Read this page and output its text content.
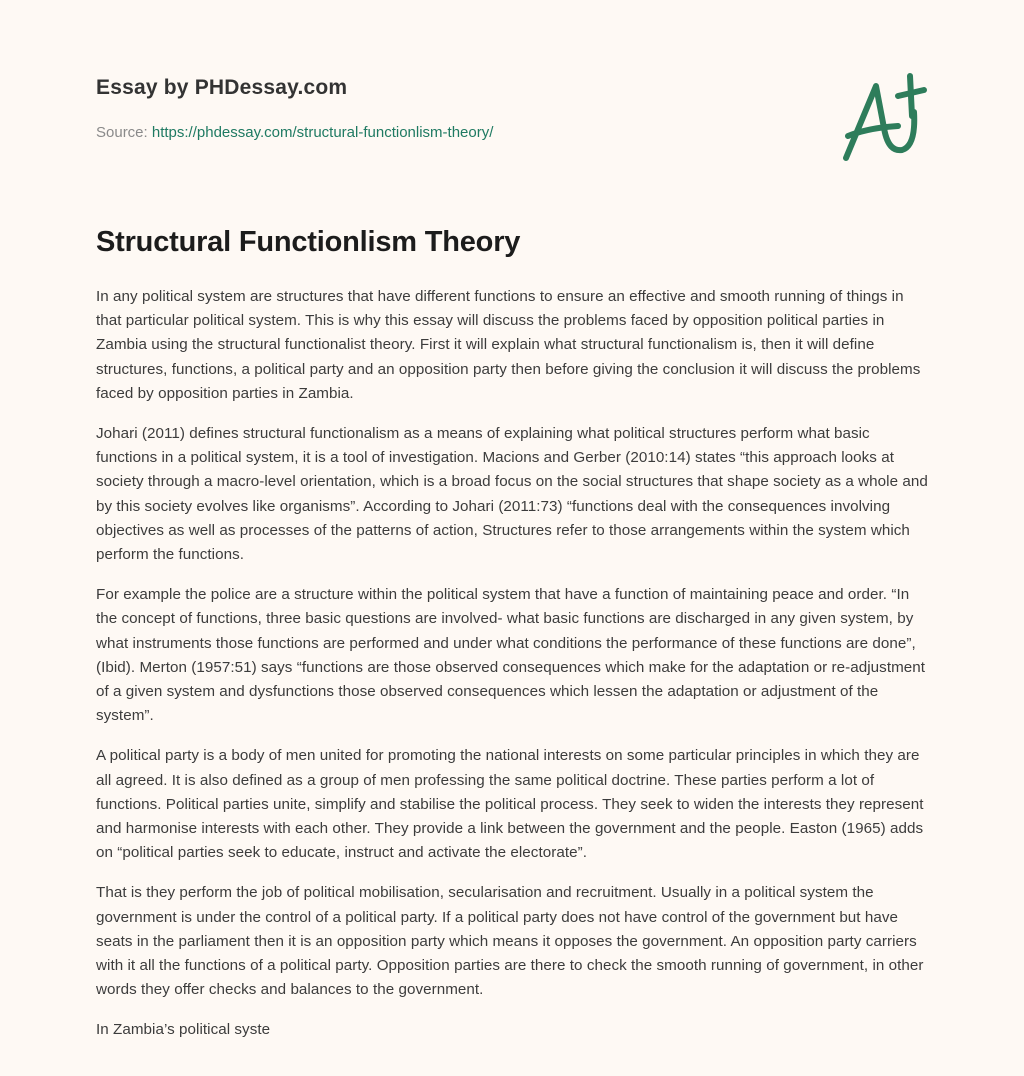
Essay by PHDessay.com
Source: https://phdessay.com/structural-functionlism-theory/
Structural Functionlism Theory

In any political system are structures that have different functions to ensure an effective and smooth running of things in that particular political system. This is why this essay will discuss the problems faced by opposition political parties in Zambia using the structural functionalist theory. First it will explain what structural functionalism is, then it will define structures, functions, a political party and an opposition party then before giving the conclusion it will discuss the problems faced by opposition parties in Zambia.

Johari (2011) defines structural functionalism as a means of explaining what political structures perform what basic functions in a political system, it is a tool of investigation. Macions and Gerber (2010:14) states “this approach looks at society through a macro-level orientation, which is a broad focus on the social structures that shape society as a whole and by this society evolves like organisms”. According to Johari (2011:73) “functions deal with the consequences involving objectives as well as processes of the patterns of action, Structures refer to those arrangements within the system which perform the functions.

For example the police are a structure within the political system that have a function of maintaining peace and order. “In the concept of functions, three basic questions are involved- what basic functions are discharged in any given system, by what instruments those functions are performed and under what conditions the performance of these functions are done”,(Ibid). Merton (1957:51) says “functions are those observed consequences which make for the adaptation or re-adjustment of a given system and dysfunctions those observed consequences which lessen the adaptation or adjustment of the system”.

A political party is a body of men united for promoting the national interests on some particular principles in which they are all agreed. It is also defined as a group of men professing the same political doctrine. These parties perform a lot of functions. Political parties unite, simplify and stabilise the political process. They seek to widen the interests they represent and harmonise interests with each other. They provide a link between the government and the people. Easton (1965) adds on “political parties seek to educate, instruct and activate the electorate”.

That is they perform the job of political mobilisation, secularisation and recruitment. Usually in a political system the government is under the control of a political party. If a political party does not have control of the government but have seats in the parliament then it is an opposition party which means it opposes the government. An opposition party carriers with it all the functions of a political party. Opposition parties are there to check the smooth running of government, in other words they offer checks and balances to the government.

In Zambia’s political syste
